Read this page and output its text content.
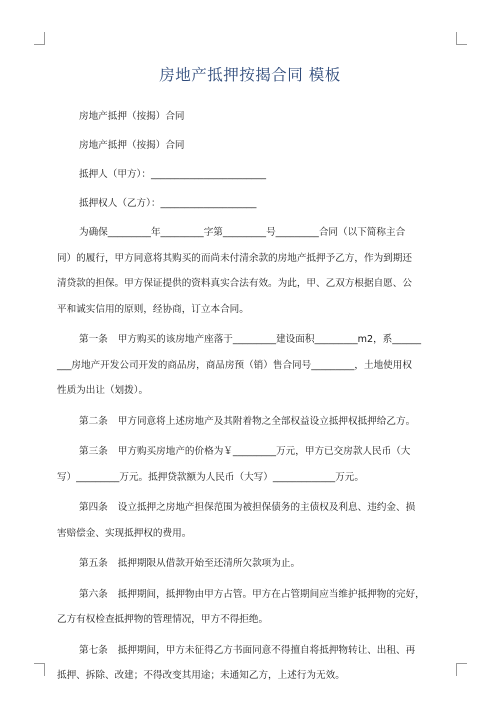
房地产抵押按揭合同 模板
房地产抵押（按揭）合同
房地产抵押（按揭）合同
抵押人（甲方）：________________________
抵押权人（乙方）：____________________

为确保_________年_________字第_________号_________合同（以下简称主合

同）的履行，甲方同意将其购买的而尚未付清余款的房地产抵押予乙方，作为到期还

清贷款的担保。甲方保证提供的资料真实合法有效。为此，甲、乙双方根据自愿、公

平和诚实信用的原则，经协商，订立本合同。

第一条 甲方购买的该房地产座落于_________建设面积_________m2，系______

___房地产开发公司开发的商品房，商品房预（销）售合同号_________，土地使用权

性质为出让（划拨）。

第二条 甲方同意将上述房地产及其附着物之全部权益设立抵押权抵押给乙方。

第三条 甲方购买房地产的价格为￥_________万元，甲方已交房款人民币（大

写）_________万元。抵押贷款额为人民币（大写）_____________万元。

第四条 设立抵押之房地产担保范围为被担保债务的主债权及利息、违约金、损

害赔偿金、实现抵押权的费用。

第五条 抵押期限从借款开始至还清所欠款项为止。

第六条 抵押期间，抵押物由甲方占管。甲方在占管期间应当维护抵押物的完好，

乙方有权检查抵押物的管理情况，甲方不得拒绝。

第七条 抵押期间，甲方未征得乙方书面同意不得擅自将抵押物转让、出租、再

抵押、拆除、改建；不得改变其用途；未通知乙方，上述行为无效。
